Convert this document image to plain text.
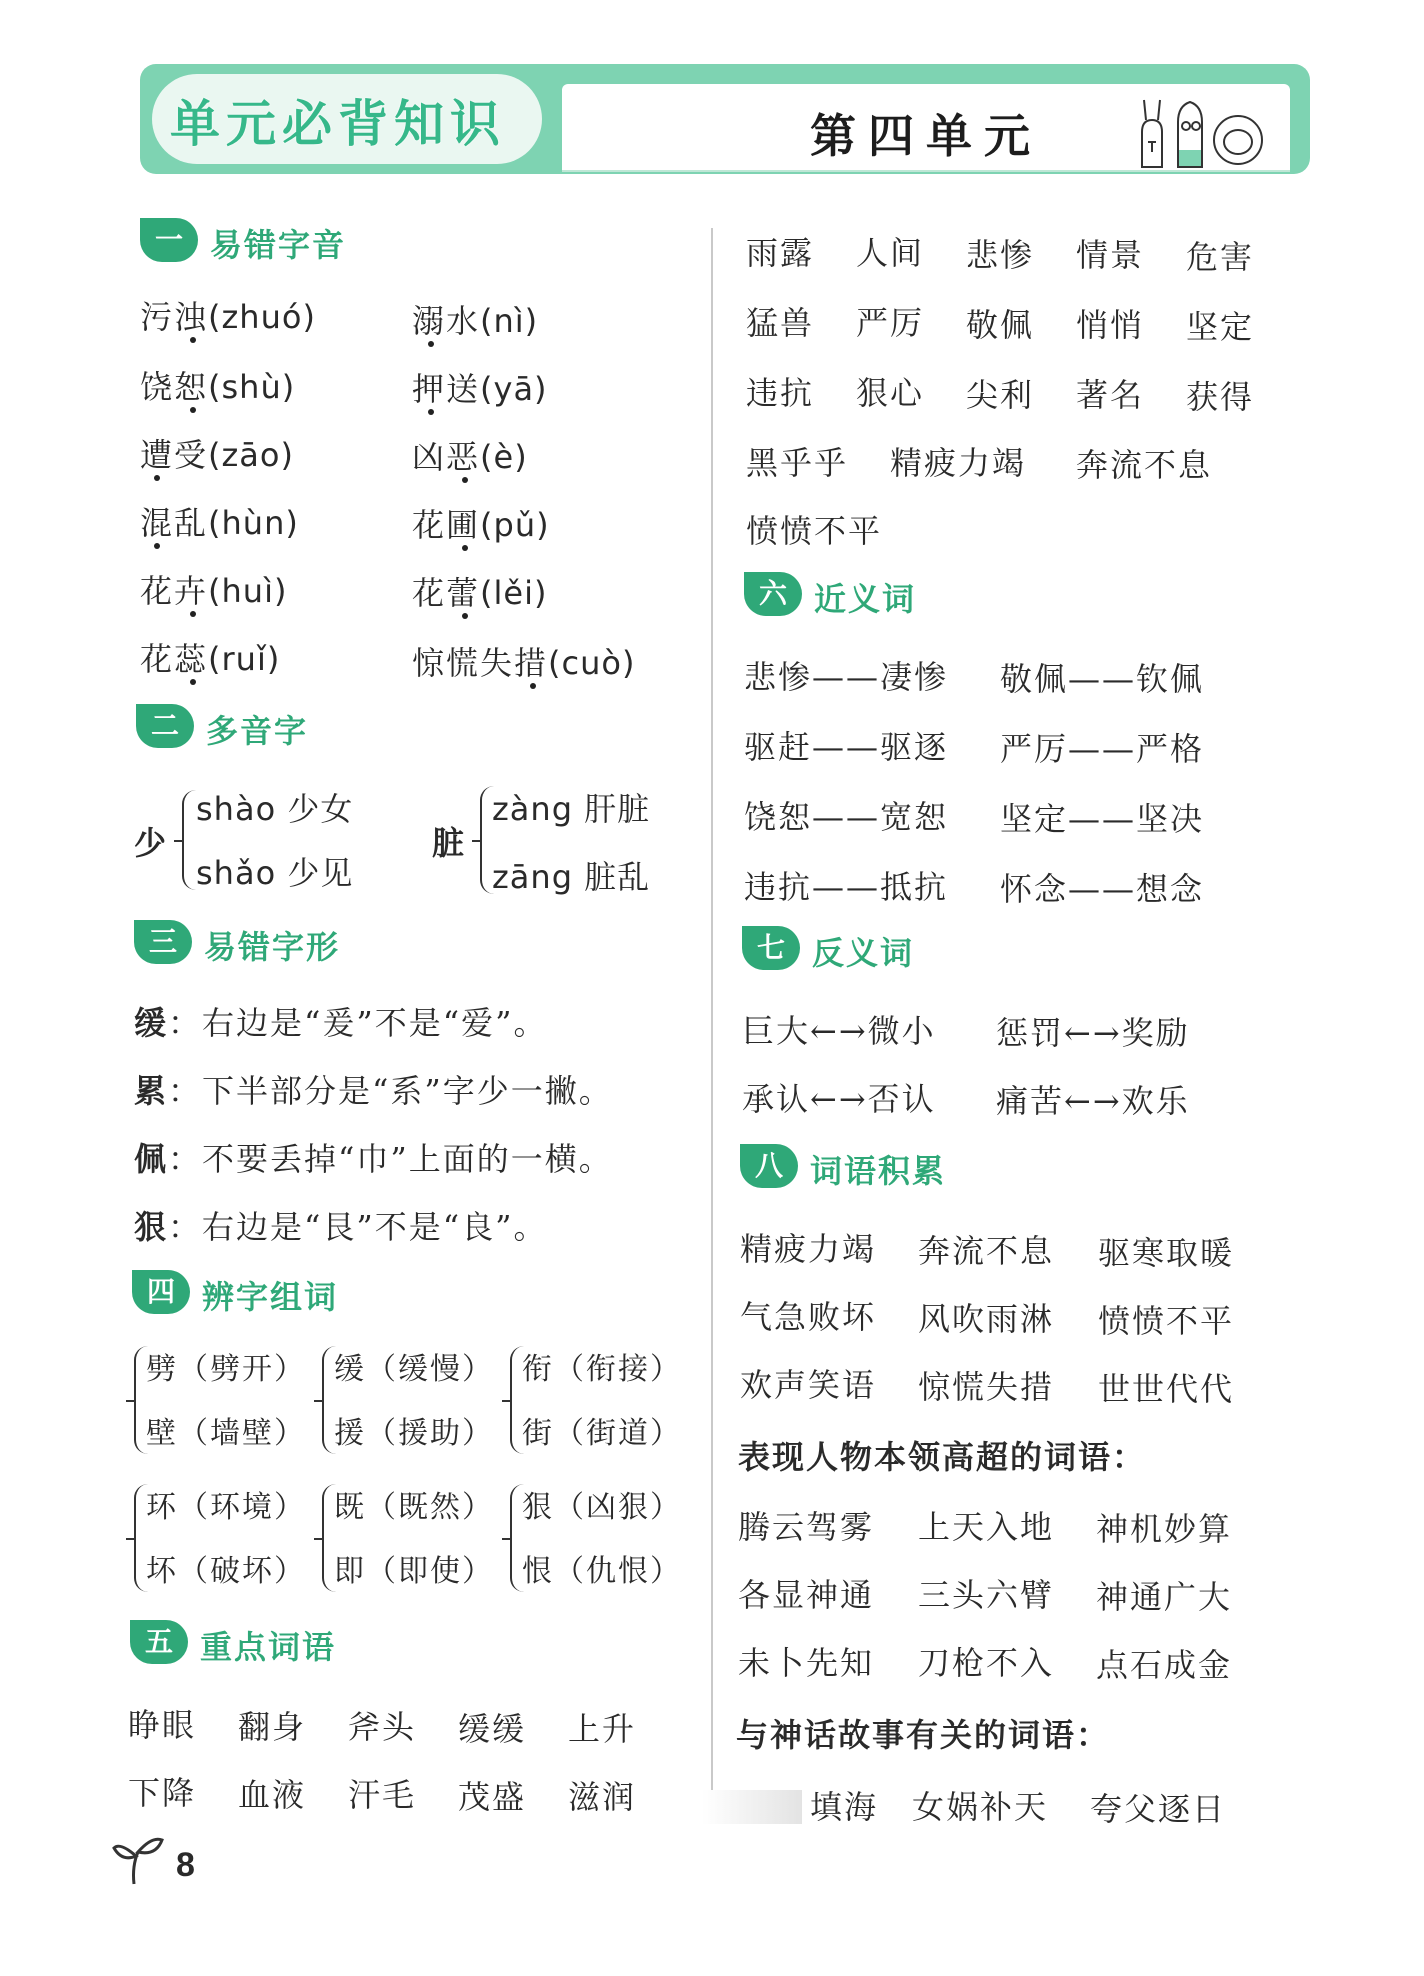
单元必背知识	第四单元
一 易错字音
污浊(zhuó)	溺水(nì)
饶恕(shù)	押送(yā)
遭受(zāo)	凶恶(è)
混乱(hùn)	花圃(pǔ)
花卉(huì)	花蕾(lěi)
花蕊(ruǐ)	惊慌失措(cuò)
二 多音字
少
shào 少女
shǎo 少见
脏
zàng 肝脏
zāng 脏乱
三 易错字形
缓：右边是“爰”不是“爱”。
累：下半部分是“系”字少一撇。
佩：不要丢掉“巾”上面的一横。
狠：右边是“艮”不是“良”。
四 辨字组词
劈（劈开）
壁（墙壁）
缓（缓慢）
援（援助）
衔（衔接）
街（街道）
环（环境）
坏（破坏）
既（既然）
即（即使）
狠（凶狠）
恨（仇恨）
五 重点词语
睁眼 翻身 斧头 缓缓 上升
下降 血液 汗毛 茂盛 滋润
雨露 人间 悲惨 情景 危害
猛兽 严厉 敬佩 悄悄 坚定
违抗 狠心 尖利 著名 获得
黑乎乎 精疲力竭 奔流不息
愤愤不平
六 近义词
悲惨——凄惨 敬佩——钦佩
驱赶——驱逐 严厉——严格
饶恕——宽恕 坚定——坚决
违抗——抵抗 怀念——想念
七 反义词
巨大←→微小 惩罚←→奖励
承认←→否认 痛苦←→欢乐
八 词语积累
精疲力竭 奔流不息 驱寒取暖
气急败坏 风吹雨淋 愤愤不平
欢声笑语 惊慌失措 世世代代
表现人物本领高超的词语：
腾云驾雾 上天入地 神机妙算
各显神通 三头六臂 神通广大
未卜先知 刀枪不入 点石成金
与神话故事有关的词语：
填海 女娲补天 夸父逐日
8
